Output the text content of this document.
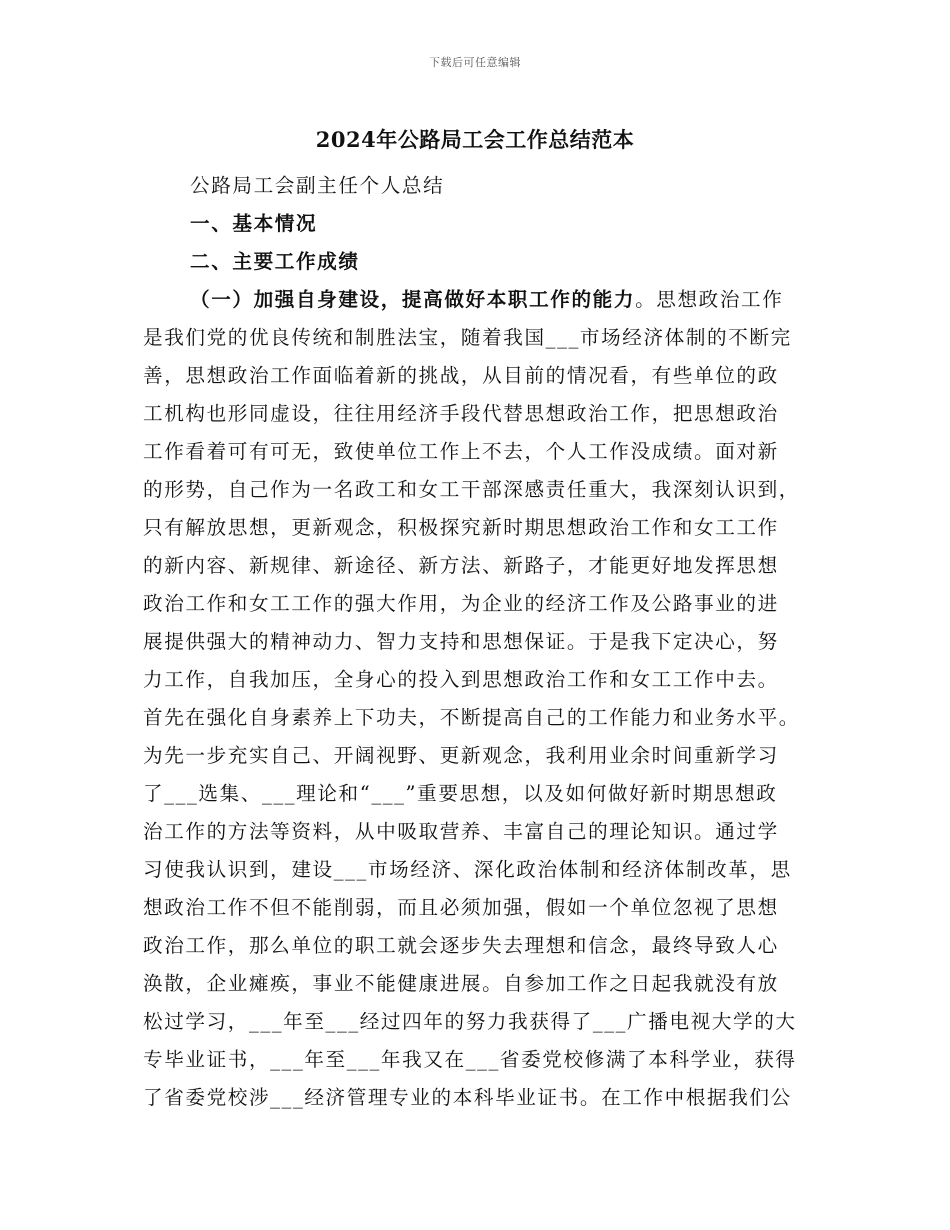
下载后可任意编辑
2024年公路局工会工作总结范本
公路局工会副主任个人总结
一、基本情况
二、主要工作成绩
（一）加强自身建设，提高做好本职工作的能力。思想政治工作
是我们党的优良传统和制胜法宝，随着我国___市场经济体制的不断完
善，思想政治工作面临着新的挑战，从目前的情况看，有些单位的政
工机构也形同虚设，往往用经济手段代替思想政治工作，把思想政治
工作看着可有可无，致使单位工作上不去，个人工作没成绩。面对新
的形势，自己作为一名政工和女工干部深感责任重大，我深刻认识到，
只有解放思想，更新观念，积极探究新时期思想政治工作和女工工作
的新内容、新规律、新途径、新方法、新路子，才能更好地发挥思想
政治工作和女工工作的强大作用，为企业的经济工作及公路事业的进
展提供强大的精神动力、智力支持和思想保证。于是我下定决心，努
力工作，自我加压，全身心的投入到思想政治工作和女工工作中去。
首先在强化自身素养上下功夫，不断提高自己的工作能力和业务水平。
为先一步充实自己、开阔视野、更新观念，我利用业余时间重新学习
了___选集、___理论和“___”重要思想，以及如何做好新时期思想政
治工作的方法等资料，从中吸取营养、丰富自己的理论知识。通过学
习使我认识到，建设___市场经济、深化政治体制和经济体制改革，思
想政治工作不但不能削弱，而且必须加强，假如一个单位忽视了思想
政治工作，那么单位的职工就会逐步失去理想和信念，最终导致人心
涣散，企业瘫痪，事业不能健康进展。自参加工作之日起我就没有放
松过学习，___年至___经过四年的努力我获得了___广播电视大学的大
专毕业证书，___年至___年我又在___省委党校修满了本科学业，获得
了省委党校涉___经济管理专业的本科毕业证书。在工作中根据我们公
